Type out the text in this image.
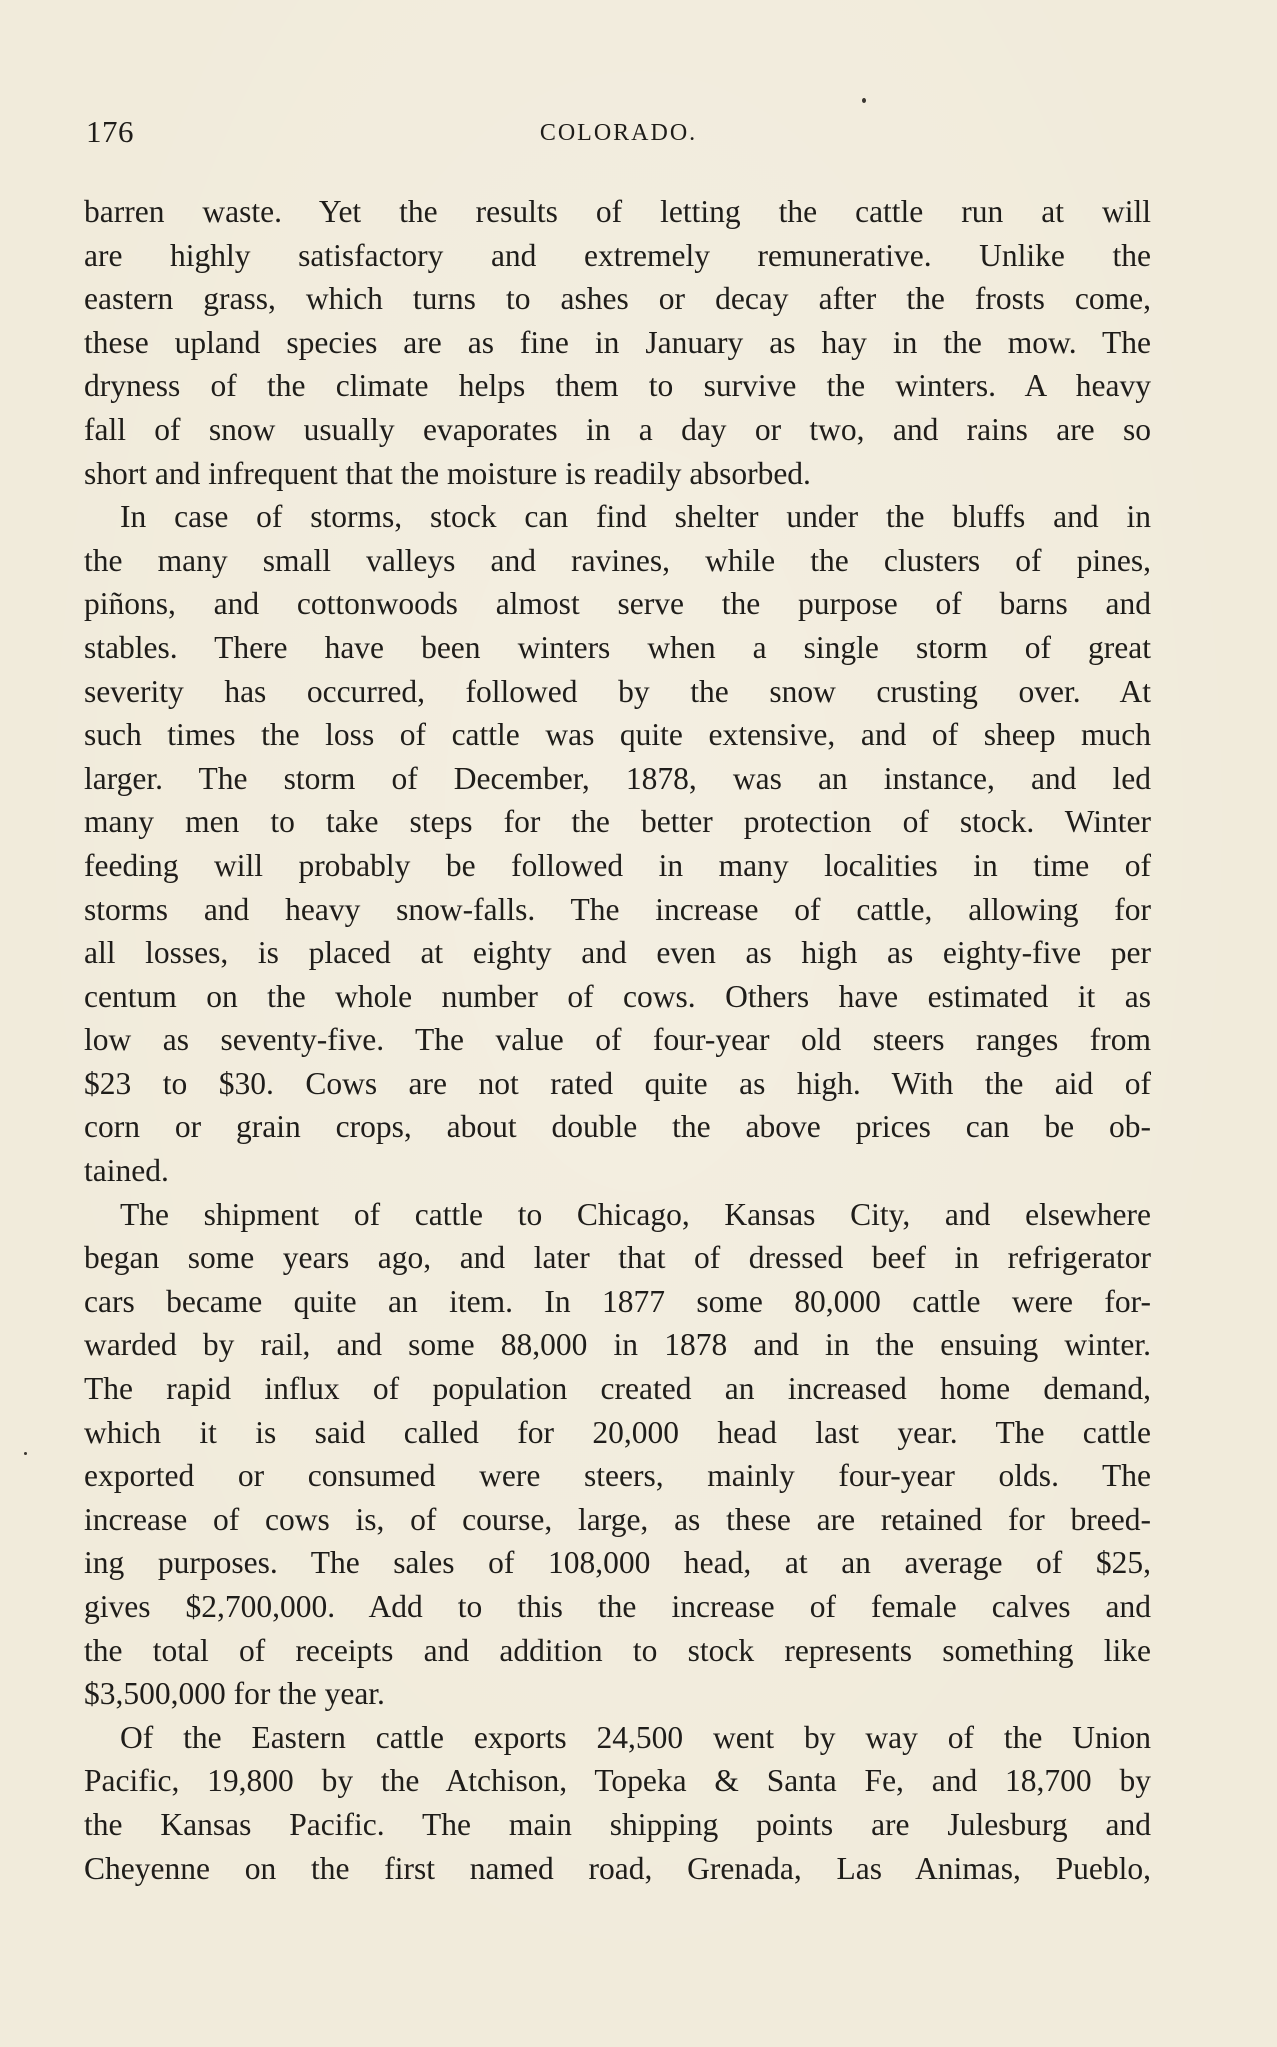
176	COLORADO.
barren waste. Yet the results of letting the cattle run at will
are highly satisfactory and extremely remunerative. Unlike the
eastern grass, which turns to ashes or decay after the frosts come,
these upland species are as fine in January as hay in the mow. The
dryness of the climate helps them to survive the winters. A heavy
fall of snow usually evaporates in a day or two, and rains are so
short and infrequent that the moisture is readily absorbed.
In case of storms, stock can find shelter under the bluffs and in
the many small valleys and ravines, while the clusters of pines,
piñons, and cottonwoods almost serve the purpose of barns and
stables. There have been winters when a single storm of great
severity has occurred, followed by the snow crusting over. At
such times the loss of cattle was quite extensive, and of sheep much
larger. The storm of December, 1878, was an instance, and led
many men to take steps for the better protection of stock. Winter
feeding will probably be followed in many localities in time of
storms and heavy snow-falls. The increase of cattle, allowing for
all losses, is placed at eighty and even as high as eighty-five per
centum on the whole number of cows. Others have estimated it as
low as seventy-five. The value of four-year old steers ranges from
$23 to $30. Cows are not rated quite as high. With the aid of
corn or grain crops, about double the above prices can be ob-
tained.
The shipment of cattle to Chicago, Kansas City, and elsewhere
began some years ago, and later that of dressed beef in refrigerator
cars became quite an item. In 1877 some 80,000 cattle were for-
warded by rail, and some 88,000 in 1878 and in the ensuing winter.
The rapid influx of population created an increased home demand,
which it is said called for 20,000 head last year. The cattle
exported or consumed were steers, mainly four-year olds. The
increase of cows is, of course, large, as these are retained for breed-
ing purposes. The sales of 108,000 head, at an average of $25,
gives $2,700,000. Add to this the increase of female calves and
the total of receipts and addition to stock represents something like
$3,500,000 for the year.
Of the Eastern cattle exports 24,500 went by way of the Union
Pacific, 19,800 by the Atchison, Topeka & Santa Fe, and 18,700 by
the Kansas Pacific. The main shipping points are Julesburg and
Cheyenne on the first named road, Grenada, Las Animas, Pueblo,
